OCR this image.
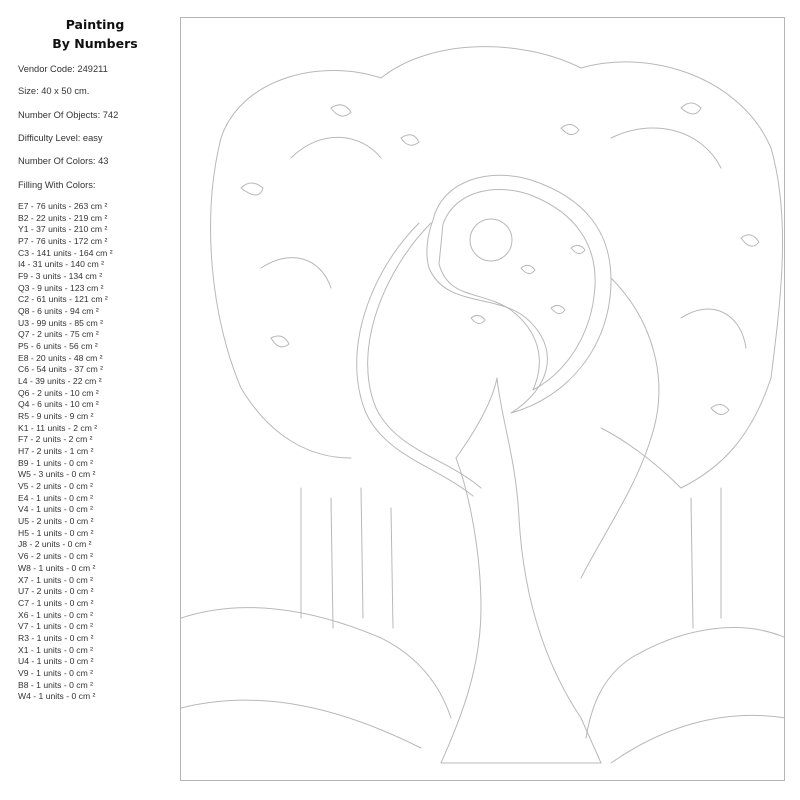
Painting
By Numbers
Vendor Code: 249211
Size: 40 x 50 cm.
Number Of Objects: 742
Difficulty Level: easy
Number Of Colors: 43
Filling With Colors:
E7 - 76 units - 263 cm ²
B2 - 22 units - 219 cm ²
Y1 - 37 units - 210 cm ²
P7 - 76 units - 172 cm ²
C3 - 141 units - 164 cm ²
I4 - 31 units - 140 cm ²
F9 - 3 units - 134 cm ²
Q3 - 9 units - 123 cm ²
C2 - 61 units - 121 cm ²
Q8 - 6 units - 94 cm ²
U3 - 99 units - 85 cm ²
Q7 - 2 units - 75 cm ²
P5 - 6 units - 56 cm ²
E8 - 20 units - 48 cm ²
C6 - 54 units - 37 cm ²
L4 - 39 units - 22 cm ²
Q6 - 2 units - 10 cm ²
Q4 - 6 units - 10 cm ²
R5 - 9 units - 9 cm ²
K1 - 11 units - 2 cm ²
F7 - 2 units - 2 cm ²
H7 - 2 units - 1 cm ²
B9 - 1 units - 0 cm ²
W5 - 3 units - 0 cm ²
V5 - 2 units - 0 cm ²
E4 - 1 units - 0 cm ²
V4 - 1 units - 0 cm ²
U5 - 2 units - 0 cm ²
H5 - 1 units - 0 cm ²
J8 - 2 units - 0 cm ²
V6 - 2 units - 0 cm ²
W8 - 1 units - 0 cm ²
X7 - 1 units - 0 cm ²
U7 - 2 units - 0 cm ²
C7 - 1 units - 0 cm ²
X6 - 1 units - 0 cm ²
V7 - 1 units - 0 cm ²
R3 - 1 units - 0 cm ²
X1 - 1 units - 0 cm ²
U4 - 1 units - 0 cm ²
V9 - 1 units - 0 cm ²
B8 - 1 units - 0 cm ²
W4 - 1 units - 0 cm ²
